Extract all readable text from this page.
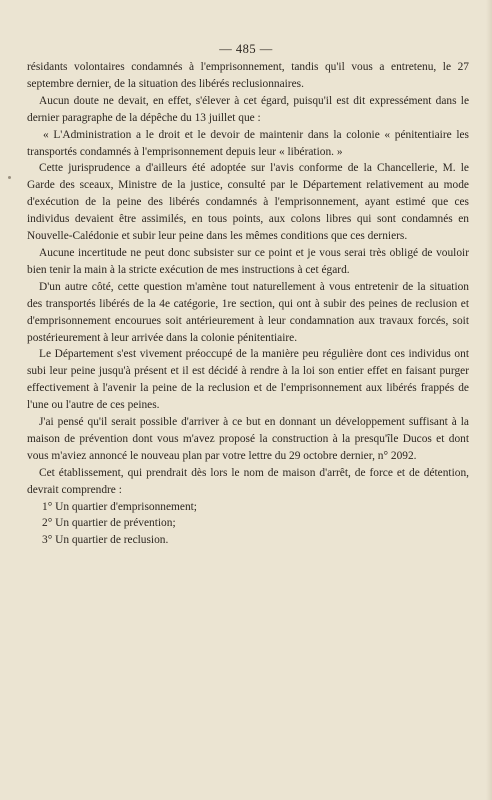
— 485 —

résidants volontaires condamnés à l'emprisonnement, tandis qu'il vous a entretenu, le 27 septembre dernier, de la situation des libérés reclusionnaires.

Aucun doute ne devait, en effet, s'élever à cet égard, puisqu'il est dit expressément dans le dernier paragraphe de la dépêche du 13 juillet que :

« L'Administration a le droit et le devoir de maintenir dans la colonie « pénitentiaire les transportés condamnés à l'emprisonnement depuis leur « libération. »

Cette jurisprudence a d'ailleurs été adoptée sur l'avis conforme de la Chancellerie, M. le Garde des sceaux, Ministre de la justice, consulté par le Département relativement au mode d'exécution de la peine des libérés condamnés à l'emprisonnement, ayant estimé que ces individus devaient être assimilés, en tous points, aux colons libres qui sont condamnés en Nouvelle-Calédonie et subir leur peine dans les mêmes conditions que ces derniers.

Aucune incertitude ne peut donc subsister sur ce point et je vous serai très obligé de vouloir bien tenir la main à la stricte exécution de mes instructions à cet égard.

D'un autre côté, cette question m'amène tout naturellement à vous entretenir de la situation des transportés libérés de la 4e catégorie, 1re section, qui ont à subir des peines de reclusion et d'emprisonnement encourues soit antérieurement à leur condamnation aux travaux forcés, soit postérieurement à leur arrivée dans la colonie pénitentiaire.

Le Département s'est vivement préoccupé de la manière peu régulière dont ces individus ont subi leur peine jusqu'à présent et il est décidé à rendre à la loi son entier effet en faisant purger effectivement à l'avenir la peine de la reclusion et de l'emprisonnement aux libérés frappés de l'une ou l'autre de ces peines.

J'ai pensé qu'il serait possible d'arriver à ce but en donnant un développement suffisant à la maison de prévention dont vous m'avez proposé la construction à la presqu'île Ducos et dont vous m'aviez annoncé le nouveau plan par votre lettre du 29 octobre dernier, n° 2092.

Cet établissement, qui prendrait dès lors le nom de maison d'arrêt, de force et de détention, devrait comprendre :

1° Un quartier d'emprisonnement;

2° Un quartier de prévention;

3° Un quartier de reclusion.
